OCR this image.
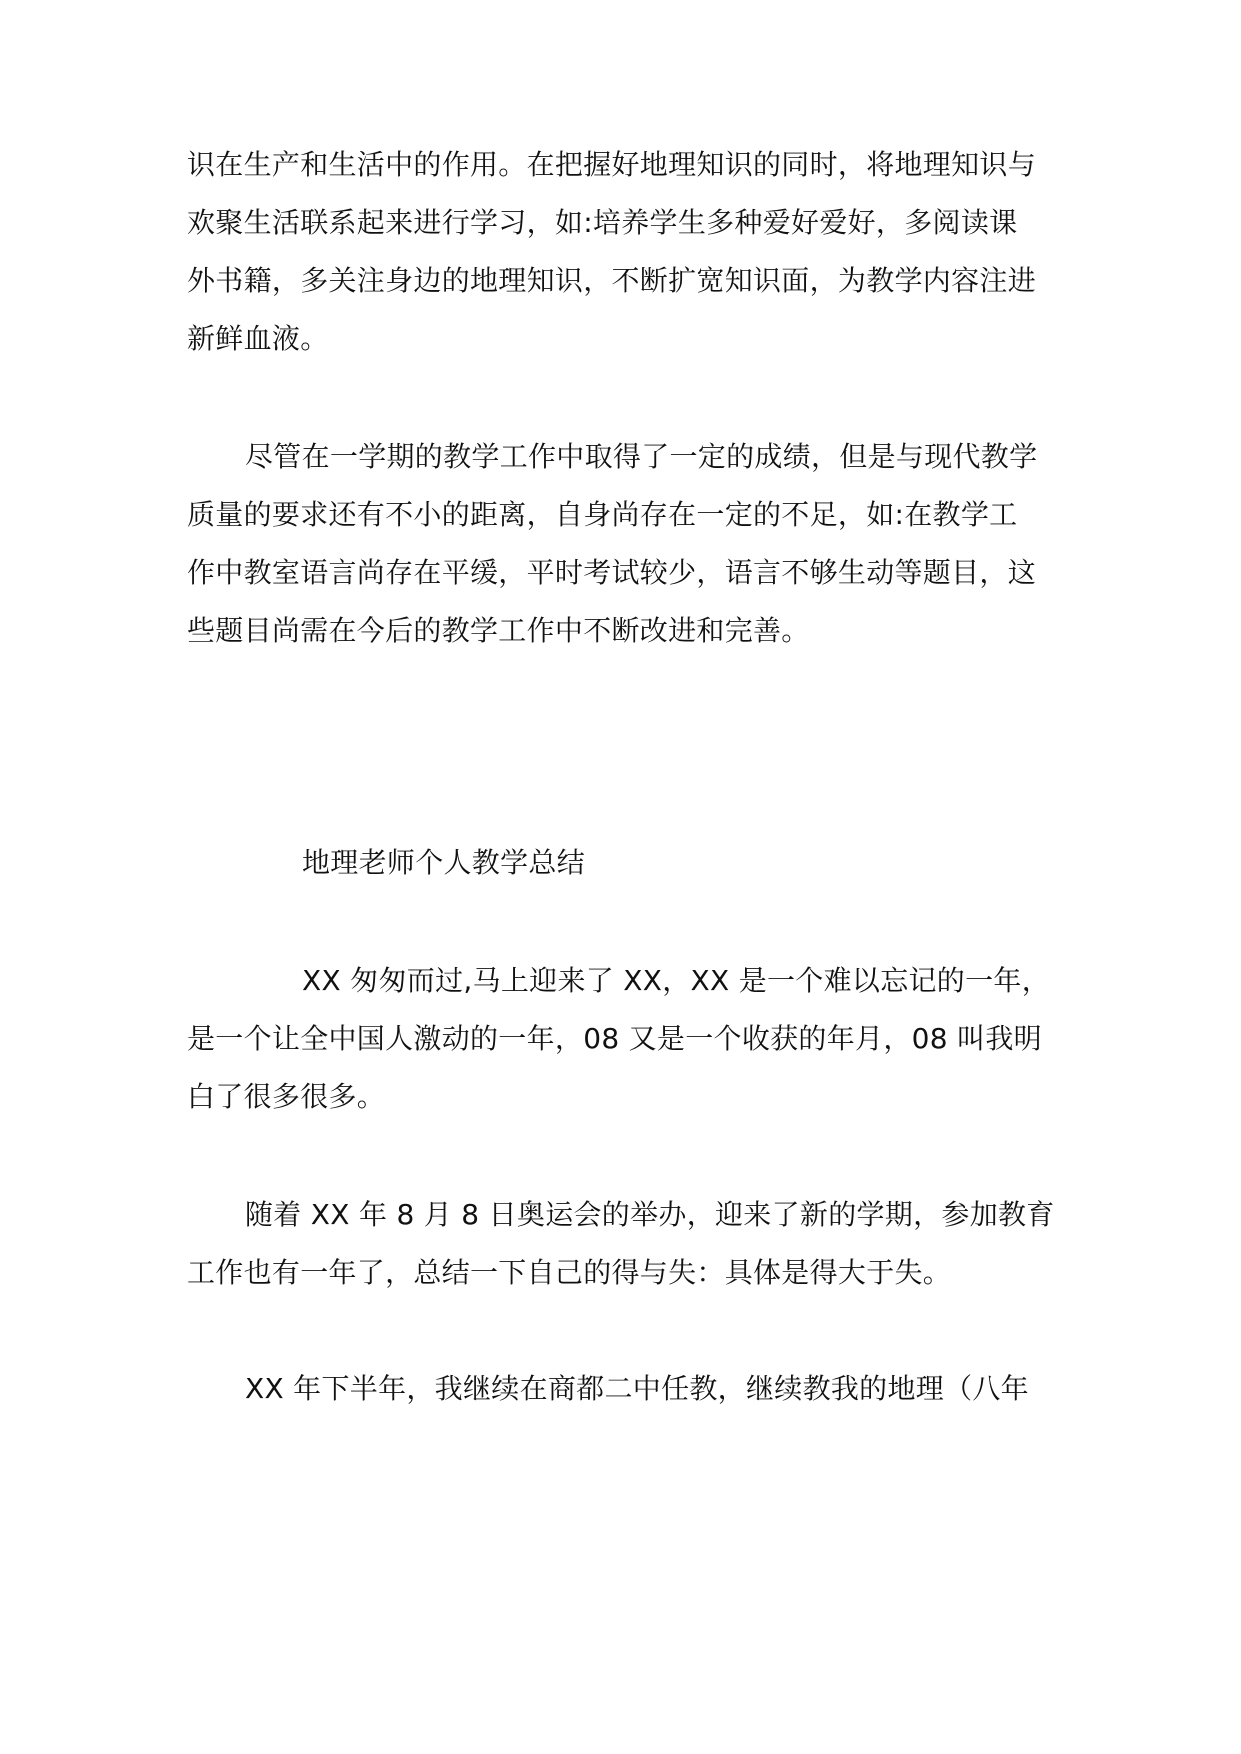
识在生产和生活中的作用。在把握好地理知识的同时，将地理知识与
欢聚生活联系起来进行学习，如:培养学生多种爱好爱好，多阅读课
外书籍，多关注身边的地理知识，不断扩宽知识面，为教学内容注进
新鲜血液。
尽管在一学期的教学工作中取得了一定的成绩，但是与现代教学
质量的要求还有不小的距离，自身尚存在一定的不足，如:在教学工
作中教室语言尚存在平缓，平时考试较少，语言不够生动等题目，这
些题目尚需在今后的教学工作中不断改进和完善。
地理老师个人教学总结
XX 匆匆而过,马上迎来了 XX，XX 是一个难以忘记的一年，
是一个让全中国人激动的一年，08 又是一个收获的年月，08 叫我明
白了很多很多。
随着 XX 年 8 月 8 日奥运会的举办，迎来了新的学期，参加教育
工作也有一年了，总结一下自己的得与失：具体是得大于失。
XX 年下半年，我继续在商都二中任教，继续教我的地理（八年
